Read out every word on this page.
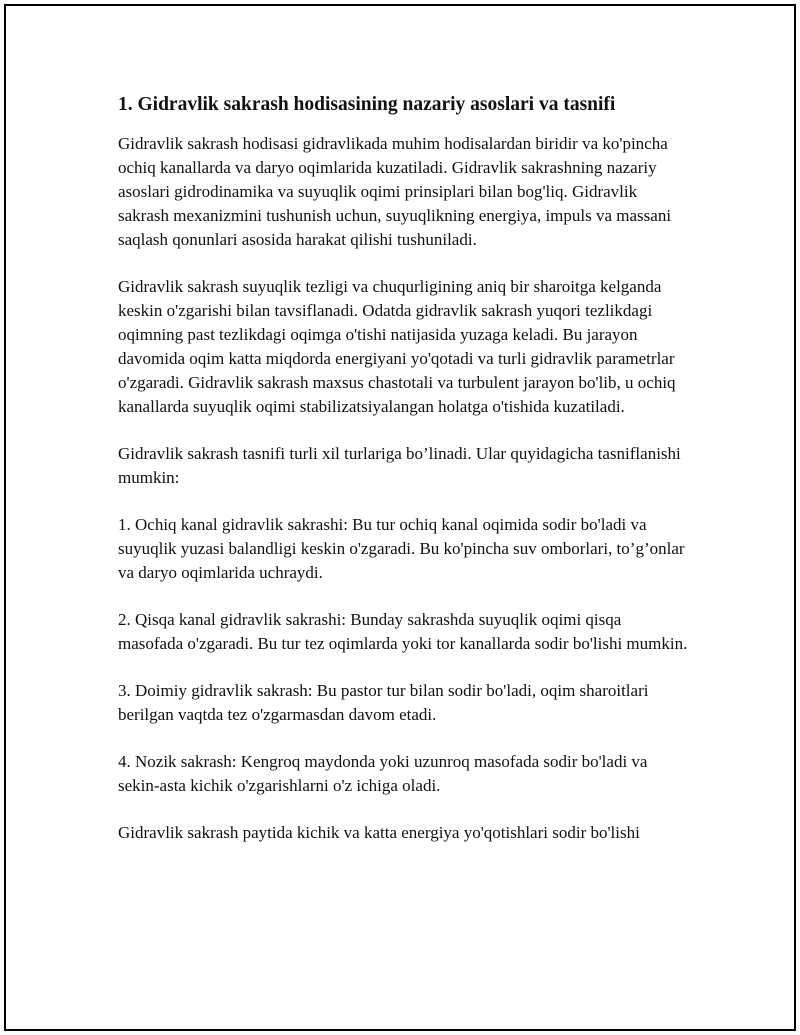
1. Gidravlik sakrash hodisasining nazariy asoslari va tasnifi

Gidravlik sakrash hodisasi gidravlikada muhim hodisalardan biridir va ko'pincha ochiq kanallarda va daryo oqimlarida kuzatiladi. Gidravlik sakrashning nazariy asoslari gidrodinamika va suyuqlik oqimi prinsiplari bilan bog'liq. Gidravlik sakrash mexanizmini tushunish uchun, suyuqlikning energiya, impuls va massani saqlash qonunlari asosida harakat qilishi tushuniladi.

Gidravlik sakrash suyuqlik tezligi va chuqurligining aniq bir sharoitga kelganda keskin o'zgarishi bilan tavsiflanadi. Odatda gidravlik sakrash yuqori tezlikdagi oqimning past tezlikdagi oqimga o'tishi natijasida yuzaga keladi. Bu jarayon davomida oqim katta miqdorda energiyani yo'qotadi va turli gidravlik parametrlar o'zgaradi. Gidravlik sakrash maxsus chastotali va turbulent jarayon bo'lib, u ochiq kanallarda suyuqlik oqimi stabilizatsiyalangan holatga o'tishida kuzatiladi.

Gidravlik sakrash tasnifi turli xil turlariga bo’linadi. Ular quyidagicha tasniflanishi mumkin:

1. Ochiq kanal gidravlik sakrashi: Bu tur ochiq kanal oqimida sodir bo'ladi va suyuqlik yuzasi balandligi keskin o'zgaradi. Bu ko'pincha suv omborlari, to’g’onlar va daryo oqimlarida uchraydi.

2. Qisqa kanal gidravlik sakrashi: Bunday sakrashda suyuqlik oqimi qisqa masofada o'zgaradi. Bu tur tez oqimlarda yoki tor kanallarda sodir bo'lishi mumkin.

3. Doimiy gidravlik sakrash: Bu pastor tur bilan sodir bo'ladi, oqim sharoitlari berilgan vaqtda tez o'zgarmasdan davom etadi.

4. Nozik sakrash: Kengroq maydonda yoki uzunroq masofada sodir bo'ladi va sekin-asta kichik o'zgarishlarni o'z ichiga oladi.

Gidravlik sakrash paytida kichik va katta energiya yo'qotishlari sodir bo'lishi
